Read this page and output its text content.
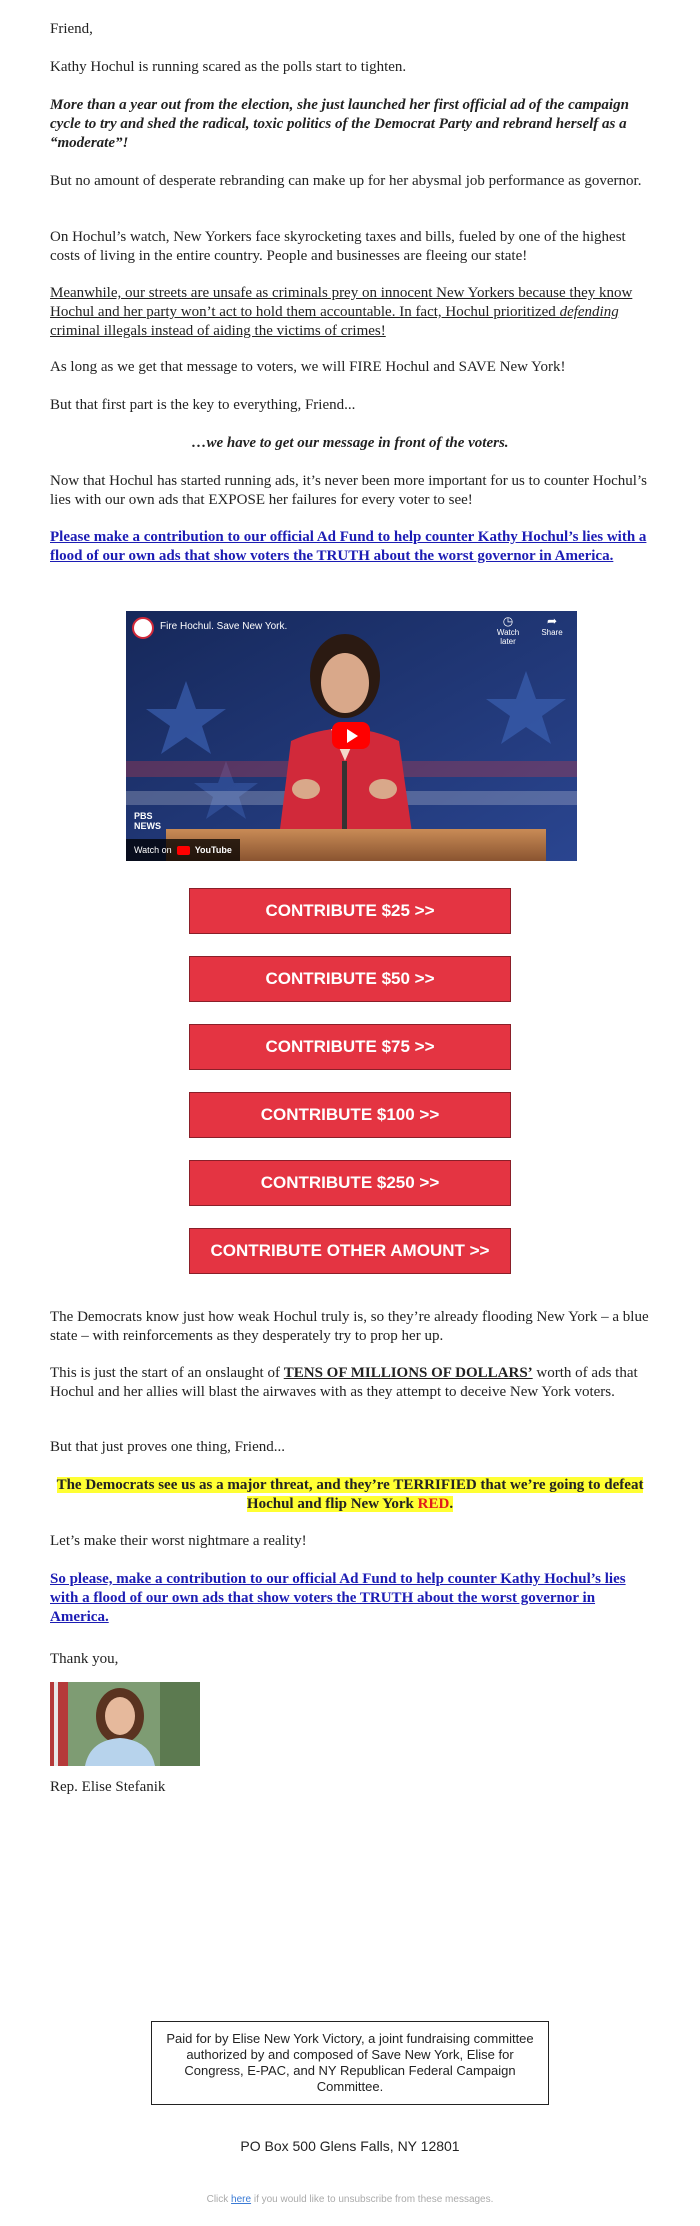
Friend,

Kathy Hochul is running scared as the polls start to tighten.

More than a year out from the election, she just launched her first official ad of the campaign cycle to try and shed the radical, toxic politics of the Democrat Party and rebrand herself as a “moderate”!

But no amount of desperate rebranding can make up for her abysmal job performance as governor.

On Hochul’s watch, New Yorkers face skyrocketing taxes and bills, fueled by one of the highest costs of living in the entire country. People and businesses are fleeing our state!

Meanwhile, our streets are unsafe as criminals prey on innocent New Yorkers because they know Hochul and her party won’t act to hold them accountable. In fact, Hochul prioritized defending criminal illegals instead of aiding the victims of crimes!

As long as we get that message to voters, we will FIRE Hochul and SAVE New York!

But that first part is the key to everything, Friend...

…we have to get our message in front of the voters.

Now that Hochul has started running ads, it’s never been more important for us to counter Hochul’s lies with our own ads that EXPOSE her failures for every voter to see!

Please make a contribution to our official Ad Fund to help counter Kathy Hochul’s lies with a flood of our own ads that show voters the TRUTH about the worst governor in America.

Fire Hochul. Save New York.	◷
Watch later
➦
Share
PBS
NEWS
Watch on	YouTube
CONTRIBUTE $25 >>
CONTRIBUTE $50 >>
CONTRIBUTE $75 >>
CONTRIBUTE $100 >>
CONTRIBUTE $250 >>
CONTRIBUTE OTHER AMOUNT >>

The Democrats know just how weak Hochul truly is, so they’re already flooding New York – a blue state – with reinforcements as they desperately try to prop her up.

This is just the start of an onslaught of TENS OF MILLIONS OF DOLLARS’ worth of ads that Hochul and her allies will blast the airwaves with as they attempt to deceive New York voters.

But that just proves one thing, Friend...

The Democrats see us as a major threat, and they’re TERRIFIED that we’re going to defeat Hochul and flip New York RED.

Let’s make their worst nightmare a reality!

So please, make a contribution to our official Ad Fund to help counter Kathy Hochul’s lies with a flood of our own ads that show voters the TRUTH about the worst governor in America.

Thank you,

Rep. Elise Stefanik

Paid for by Elise New York Victory, a joint fundraising committee authorized by and composed of Save New York, Elise for Congress, E-PAC, and NY Republican Federal Campaign Committee.
PO Box 500 Glens Falls, NY 12801
Click here if you would like to unsubscribe from these messages.
